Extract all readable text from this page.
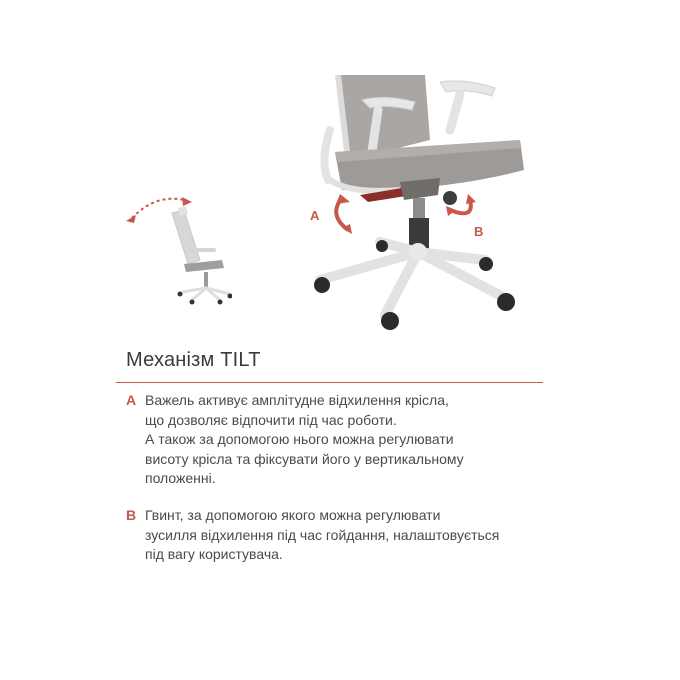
A
B
Механізм TILT
A Важель активує амплітудне відхилення крісла,
що дозволяє відпочити під час роботи.
А також за допомогою нього можна регулювати
висоту крісла та фіксувати його у вертикальному
положенні.

B Гвинт, за допомогою якого можна регулювати
зусилля відхилення під час гойдання, налаштовується
під вагу користувача.
